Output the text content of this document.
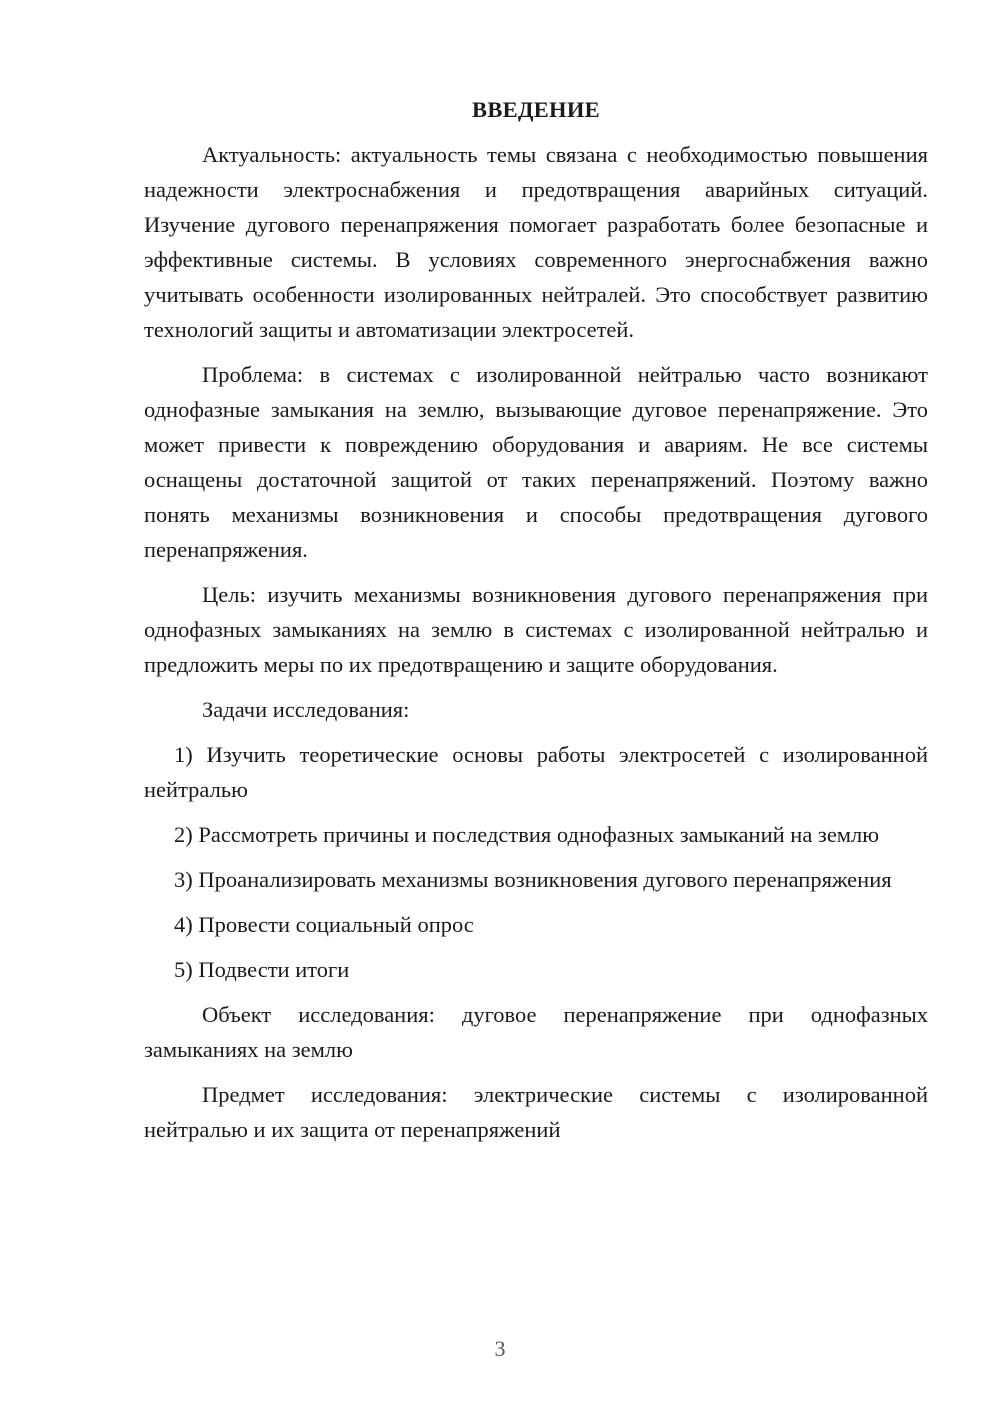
ВВЕДЕНИЕ

Актуальность: актуальность темы связана с необходимостью повышения надежности электроснабжения и предотвращения аварийных ситуаций. Изучение дугового перенапряжения помогает разработать более безопасные и эффективные системы. В условиях современного энергоснабжения важно учитывать особенности изолированных нейтралей. Это способствует развитию технологий защиты и автоматизации электросетей.

Проблема: в системах с изолированной нейтралью часто возникают однофазные замыкания на землю, вызывающие дуговое перенапряжение. Это может привести к повреждению оборудования и авариям. Не все системы оснащены достаточной защитой от таких перенапряжений. Поэтому важно понять механизмы возникновения и способы предотвращения дугового перенапряжения.

Цель: изучить механизмы возникновения дугового перенапряжения при однофазных замыканиях на землю в системах с изолированной нейтралью и предложить меры по их предотвращению и защите оборудования.

Задачи исследования:

1) Изучить теоретические основы работы электросетей с изолированной нейтралью

2) Рассмотреть причины и последствия однофазных замыканий на землю

3) Проанализировать механизмы возникновения дугового перенапряжения

4) Провести социальный опрос

5) Подвести итоги

Объект исследования: дуговое перенапряжение при однофазных замыканиях на землю

Предмет исследования: электрические системы с изолированной нейтралью и их защита от перенапряжений

3
